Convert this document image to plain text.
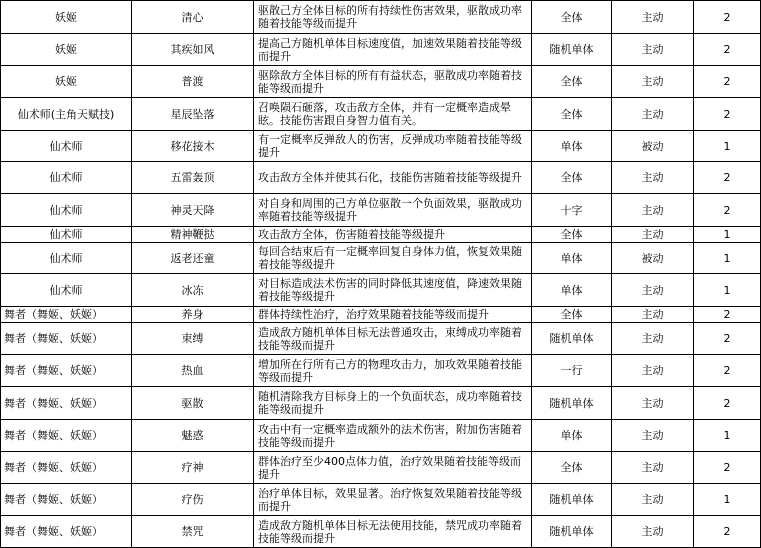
妖姬	清心	驱散己方全体目标的所有持续性伤害效果，驱散成功率随着技能等级而提升	全体	主动	2
妖姬	其疾如风	提高己方随机单体目标速度值，加速效果随着技能等级而提升	随机单体	主动	2
妖姬	普渡	驱除敌方全体目标的所有有益状态，驱散成功率随着技能等级而提升	全体	主动	2
仙术师(主角天赋技)	星辰坠落	召唤陨石砸落，攻击敌方全体，并有一定概率造成晕眩。技能伤害跟自身智力值有关。	全体	主动	2
仙术师	移花接木	有一定概率反弹敌人的伤害，反弹成功率随着技能等级提升	单体	被动	1
仙术师	五雷轰顶	攻击敌方全体并使其石化，技能伤害随着技能等级提升	全体	主动	2
仙术师	神灵天降	对自身和周围的己方单位驱散一个负面效果，驱散成功率随着技能等级提升	十字	主动	2
仙术师	精神鞭挞	攻击敌方全体，伤害随着技能等级提升	全体	主动	1
仙术师	返老还童	每回合结束后有一定概率回复自身体力值，恢复效果随着技能等级提升	单体	被动	1
仙术师	冰冻	对目标造成法术伤害的同时降低其速度值，降速效果随着技能等级提升	单体	主动	1
舞者（舞姬、妖姬）	养身	群体持续性治疗，治疗效果随着技能等级而提升	全体	主动	2
舞者（舞姬、妖姬）	束缚	造成敌方随机单体目标无法普通攻击，束缚成功率随着技能等级而提升	随机单体	主动	2
舞者（舞姬、妖姬）	热血	增加所在行所有己方的物理攻击力，加攻效果随着技能等级而提升	一行	主动	2
舞者（舞姬、妖姬）	驱散	随机清除我方目标身上的一个负面状态，成功率随着技能等级而提升	随机单体	主动	2
舞者（舞姬、妖姬）	魅惑	攻击中有一定概率造成额外的法术伤害，附加伤害随着技能等级而提升	单体	主动	1
舞者（舞姬、妖姬）	疗神	群体治疗至少400点体力值，治疗效果随着技能等级而提升	全体	主动	2
舞者（舞姬、妖姬）	疗伤	治疗单体目标，效果显著。治疗恢复效果随着技能等级而提升	随机单体	主动	1
舞者（舞姬、妖姬）	禁咒	造成敌方随机单体目标无法使用技能，禁咒成功率随着技能等级而提升	随机单体	主动	2
